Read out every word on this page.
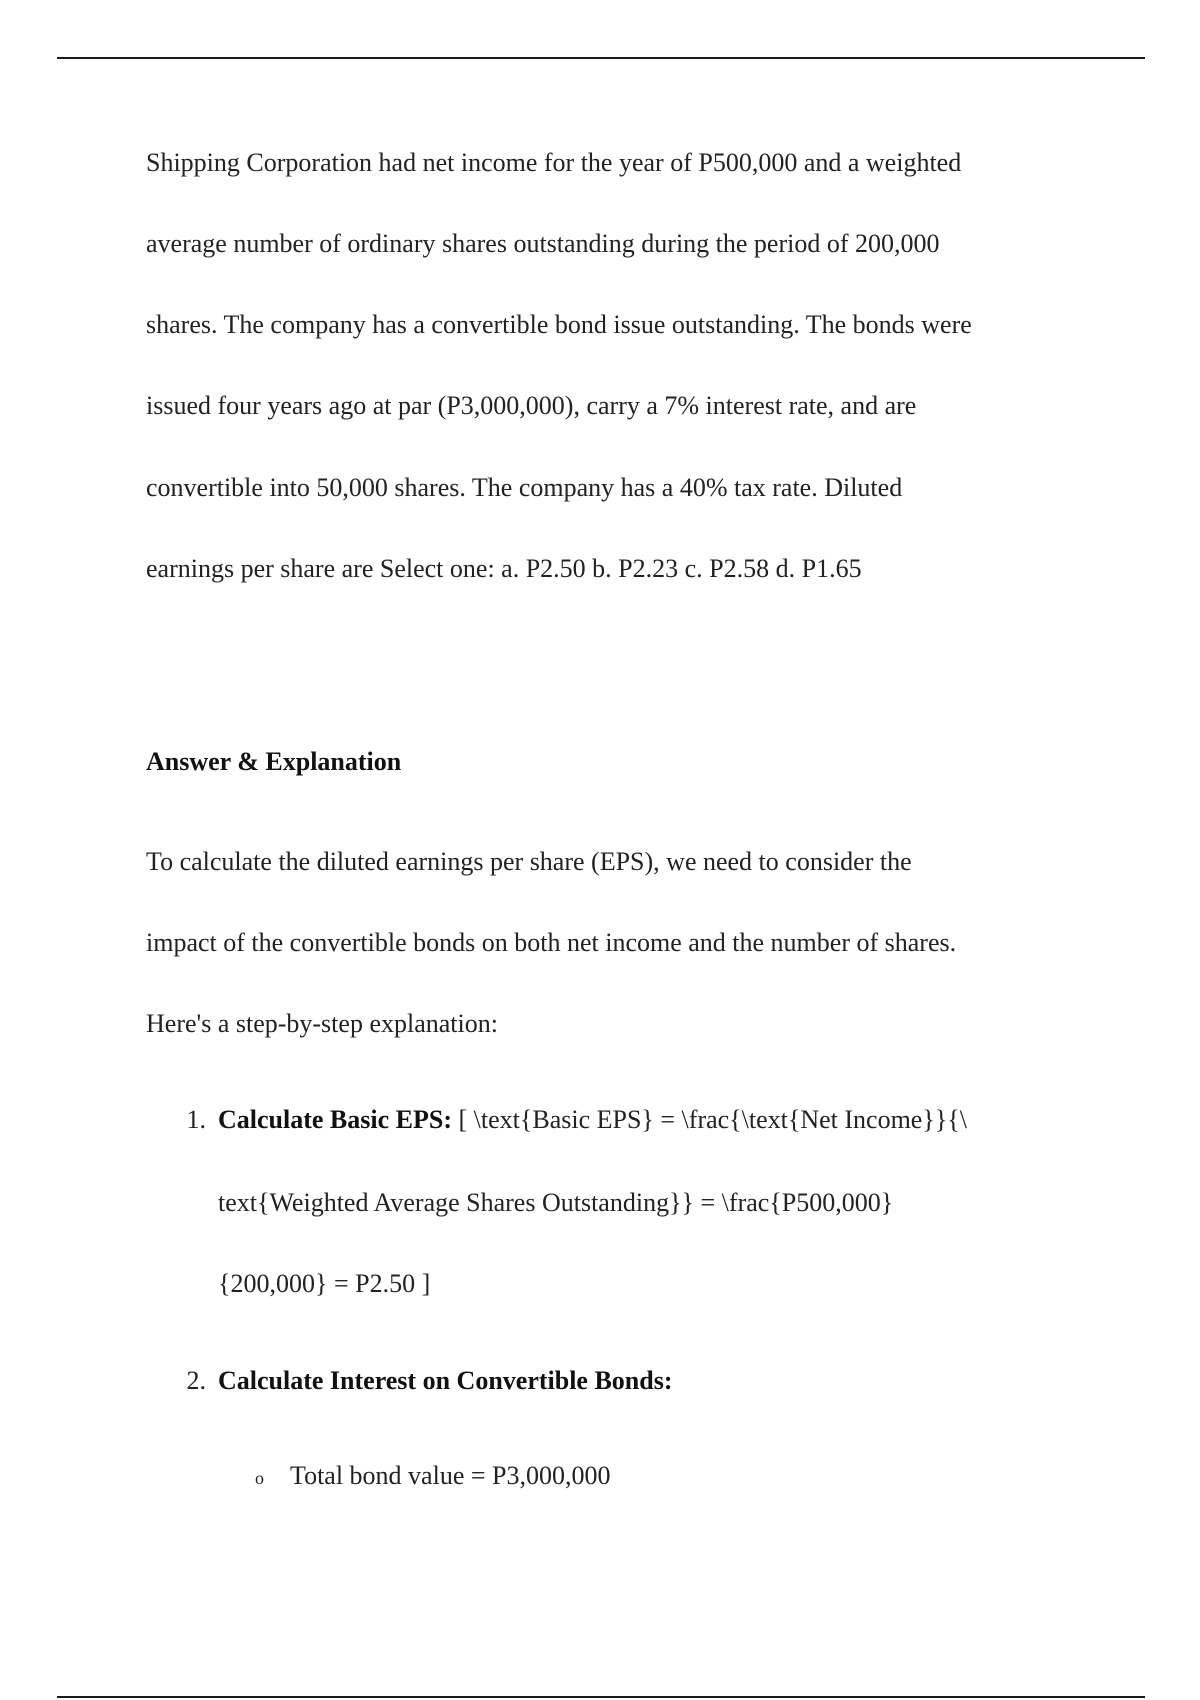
Shipping Corporation had net income for the year of P500,000 and a weighted
average number of ordinary shares outstanding during the period of 200,000
shares. The company has a convertible bond issue outstanding. The bonds were
issued four years ago at par (P3,000,000), carry a 7% interest rate, and are
convertible into 50,000 shares. The company has a 40% tax rate. Diluted
earnings per share are Select one: a. P2.50 b. P2.23 c. P2.58 d. P1.65
Answer & Explanation
To calculate the diluted earnings per share (EPS), we need to consider the
impact of the convertible bonds on both net income and the number of shares.
Here's a step-by-step explanation:
1. Calculate Basic EPS: [ \text{Basic EPS} = \frac{\text{Net Income}}{\
text{Weighted Average Shares Outstanding}} = \frac{P500,000}
{200,000} = P2.50 ]
2. Calculate Interest on Convertible Bonds:
o Total bond value = P3,000,000
